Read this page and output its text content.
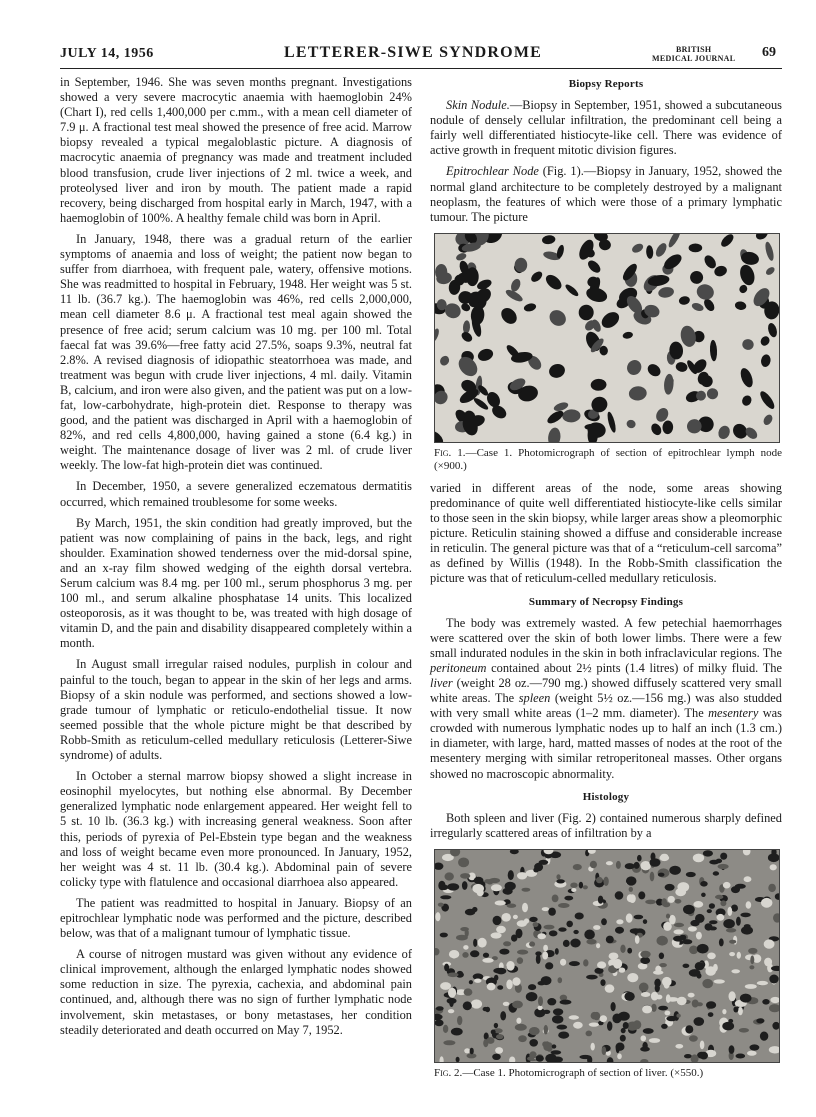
JULY 14, 1956	LETTERER-SIWE SYNDROME	BRITISH
MEDICAL JOURNAL 69

in September, 1946. She was seven months pregnant. Investigations showed a very severe macrocytic anaemia with haemoglobin 24% (Chart I), red cells 1,400,000 per c.mm., with a mean cell diameter of 7.9 μ. A fractional test meal showed the presence of free acid. Marrow biopsy revealed a typical megaloblastic picture. A diagnosis of macrocytic anaemia of pregnancy was made and treatment included blood transfusion, crude liver injections of 2 ml. twice a week, and proteolysed liver and iron by mouth. The patient made a rapid recovery, being discharged from hospital early in March, 1947, with a haemoglobin of 100%. A healthy female child was born in April.

In January, 1948, there was a gradual return of the earlier symptoms of anaemia and loss of weight; the patient now began to suffer from diarrhoea, with frequent pale, watery, offensive motions. She was readmitted to hospital in February, 1948. Her weight was 5 st. 11 lb. (36.7 kg.). The haemoglobin was 46%, red cells 2,000,000, mean cell diameter 8.6 μ. A fractional test meal again showed the presence of free acid; serum calcium was 10 mg. per 100 ml. Total faecal fat was 39.6%—free fatty acid 27.5%, soaps 9.3%, neutral fat 2.8%. A revised diagnosis of idiopathic steatorrhoea was made, and treatment was begun with crude liver injections, 4 ml. daily. Vitamin B, calcium, and iron were also given, and the patient was put on a low-fat, low-carbohydrate, high-protein diet. Response to therapy was good, and the patient was discharged in April with a haemoglobin of 82%, and red cells 4,800,000, having gained a stone (6.4 kg.) in weight. The maintenance dosage of liver was 2 ml. of crude liver weekly. The low-fat high-protein diet was continued.

In December, 1950, a severe generalized eczematous dermatitis occurred, which remained troublesome for some weeks.

By March, 1951, the skin condition had greatly improved, but the patient was now complaining of pains in the back, legs, and right shoulder. Examination showed tenderness over the mid-dorsal spine, and an x-ray film showed wedging of the eighth dorsal vertebra. Serum calcium was 8.4 mg. per 100 ml., serum phosphorus 3 mg. per 100 ml., and serum alkaline phosphatase 14 units. This localized osteoporosis, as it was thought to be, was treated with high dosage of vitamin D, and the pain and disability disappeared completely within a month.

In August small irregular raised nodules, purplish in colour and painful to the touch, began to appear in the skin of her legs and arms. Biopsy of a skin nodule was performed, and sections showed a low-grade tumour of lymphatic or reticulo-endothelial tissue. It now seemed possible that the whole picture might be that described by Robb-Smith as reticulum-celled medullary reticulosis (Letterer-Siwe syndrome) of adults.

In October a sternal marrow biopsy showed a slight increase in eosinophil myelocytes, but nothing else abnormal. By December generalized lymphatic node enlargement appeared. Her weight fell to 5 st. 10 lb. (36.3 kg.) with increasing general weakness. Soon after this, periods of pyrexia of Pel-Ebstein type began and the weakness and loss of weight became even more pronounced. In January, 1952, her weight was 4 st. 11 lb. (30.4 kg.). Abdominal pain of severe colicky type with flatulence and occasional diarrhoea also appeared.

The patient was readmitted to hospital in January. Biopsy of an epitrochlear lymphatic node was performed and the picture, described below, was that of a malignant tumour of lymphatic tissue.

A course of nitrogen mustard was given without any evidence of clinical improvement, although the enlarged lymphatic nodes showed some reduction in size. The pyrexia, cachexia, and abdominal pain continued, and, although there was no sign of further lymphatic node involvement, skin metastases, or bony metastases, her condition steadily deteriorated and death occurred on May 7, 1952.

Biopsy Reports

Skin Nodule.—Biopsy in September, 1951, showed a subcutaneous nodule of densely cellular infiltration, the predominant cell being a fairly well differentiated histiocyte-like cell. There was evidence of active growth in frequent mitotic division figures.

Epitrochlear Node (Fig. 1).—Biopsy in January, 1952, showed the normal gland architecture to be completely destroyed by a malignant neoplasm, the features of which were those of a primary lymphatic tumour. The picture

Fig. 1.—Case 1. Photomicrograph of section of epitrochlear lymph node (×900.)

varied in different areas of the node, some areas showing predominance of quite well differentiated histiocyte-like cells similar to those seen in the skin biopsy, while larger areas show a pleomorphic picture. Reticulin staining showed a diffuse and considerable increase in reticulin. The general picture was that of a “reticulum-cell sarcoma” as defined by Willis (1948). In the Robb-Smith classification the picture was that of reticulum-celled medullary reticulosis.

Summary of Necropsy Findings

The body was extremely wasted. A few petechial haemorrhages were scattered over the skin of both lower limbs. There were a few small indurated nodules in the skin in both infraclavicular regions. The peritoneum contained about 2½ pints (1.4 litres) of milky fluid. The liver (weight 28 oz.—790 mg.) showed diffusely scattered very small white areas. The spleen (weight 5½ oz.—156 mg.) was also studded with very small white areas (1–2 mm. diameter). The mesentery was crowded with numerous lymphatic nodes up to half an inch (1.3 cm.) in diameter, with large, hard, matted masses of nodes at the root of the mesentery merging with similar retroperitoneal masses. Other organs showed no macroscopic abnormality.

Histology

Both spleen and liver (Fig. 2) contained numerous sharply defined irregularly scattered areas of infiltration by a

Fig. 2.—Case 1. Photomicrograph of section of liver. (×550.)
